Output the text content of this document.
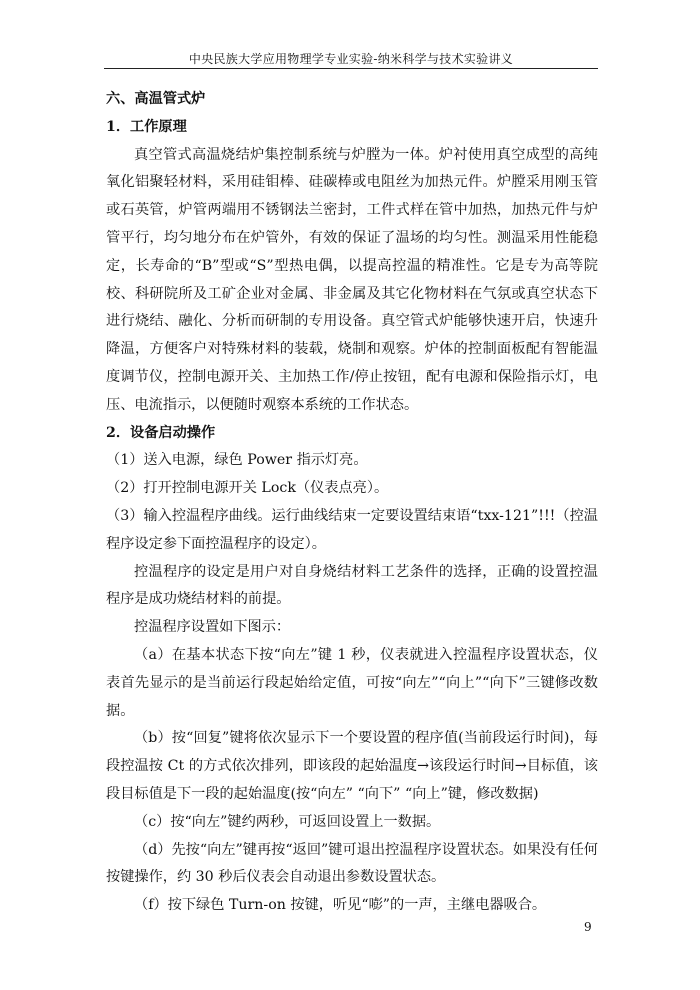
中央民族大学应用物理学专业实验-纳米科学与技术实验讲义

六、高温管式炉

1．工作原理

真空管式高温烧结炉集控制系统与炉膛为一体。炉衬使用真空成型的高纯氧化铝聚轻材料，采用硅钼棒、硅碳棒或电阻丝为加热元件。炉膛采用刚玉管或石英管，炉管两端用不锈钢法兰密封，工件式样在管中加热，加热元件与炉管平行，均匀地分布在炉管外，有效的保证了温场的均匀性。测温采用性能稳定，长寿命的“B”型或“S”型热电偶，以提高控温的精准性。它是专为高等院校、科研院所及工矿企业对金属、非金属及其它化物材料在气氛或真空状态下进行烧结、融化、分析而研制的专用设备。真空管式炉能够快速开启，快速升降温，方便客户对特殊材料的装载，烧制和观察。炉体的控制面板配有智能温度调节仪，控制电源开关、主加热工作/停止按钮，配有电源和保险指示灯，电压、电流指示，以便随时观察本系统的工作状态。

2．设备启动操作

（1）送入电源，绿色 Power 指示灯亮。

（2）打开控制电源开关 Lock（仪表点亮）。

（3）输入控温程序曲线。运行曲线结束一定要设置结束语“txx-121”!!!（控温程序设定参下面控温程序的设定）。

控温程序的设定是用户对自身烧结材料工艺条件的选择，正确的设置控温程序是成功烧结材料的前提。

控温程序设置如下图示：

（a）在基本状态下按“向左”键 1 秒，仪表就进入控温程序设置状态，仪表首先显示的是当前运行段起始给定值，可按“向左”“向上”“向下”三键修改数据。

（b）按“回复”键将依次显示下一个要设置的程序值(当前段运行时间)，每段控温按 Ct 的方式依次排列，即该段的起始温度→该段运行时间→目标值，该段目标值是下一段的起始温度(按“向左” “向下” “向上”键，修改数据)

（c）按“向左”键约两秒，可返回设置上一数据。

（d）先按“向左”键再按“返回”键可退出控温程序设置状态。如果没有任何按键操作，约 30 秒后仪表会自动退出参数设置状态。

（f）按下绿色 Turn-on 按键，听见“嘭”的一声，主继电器吸合。

9
